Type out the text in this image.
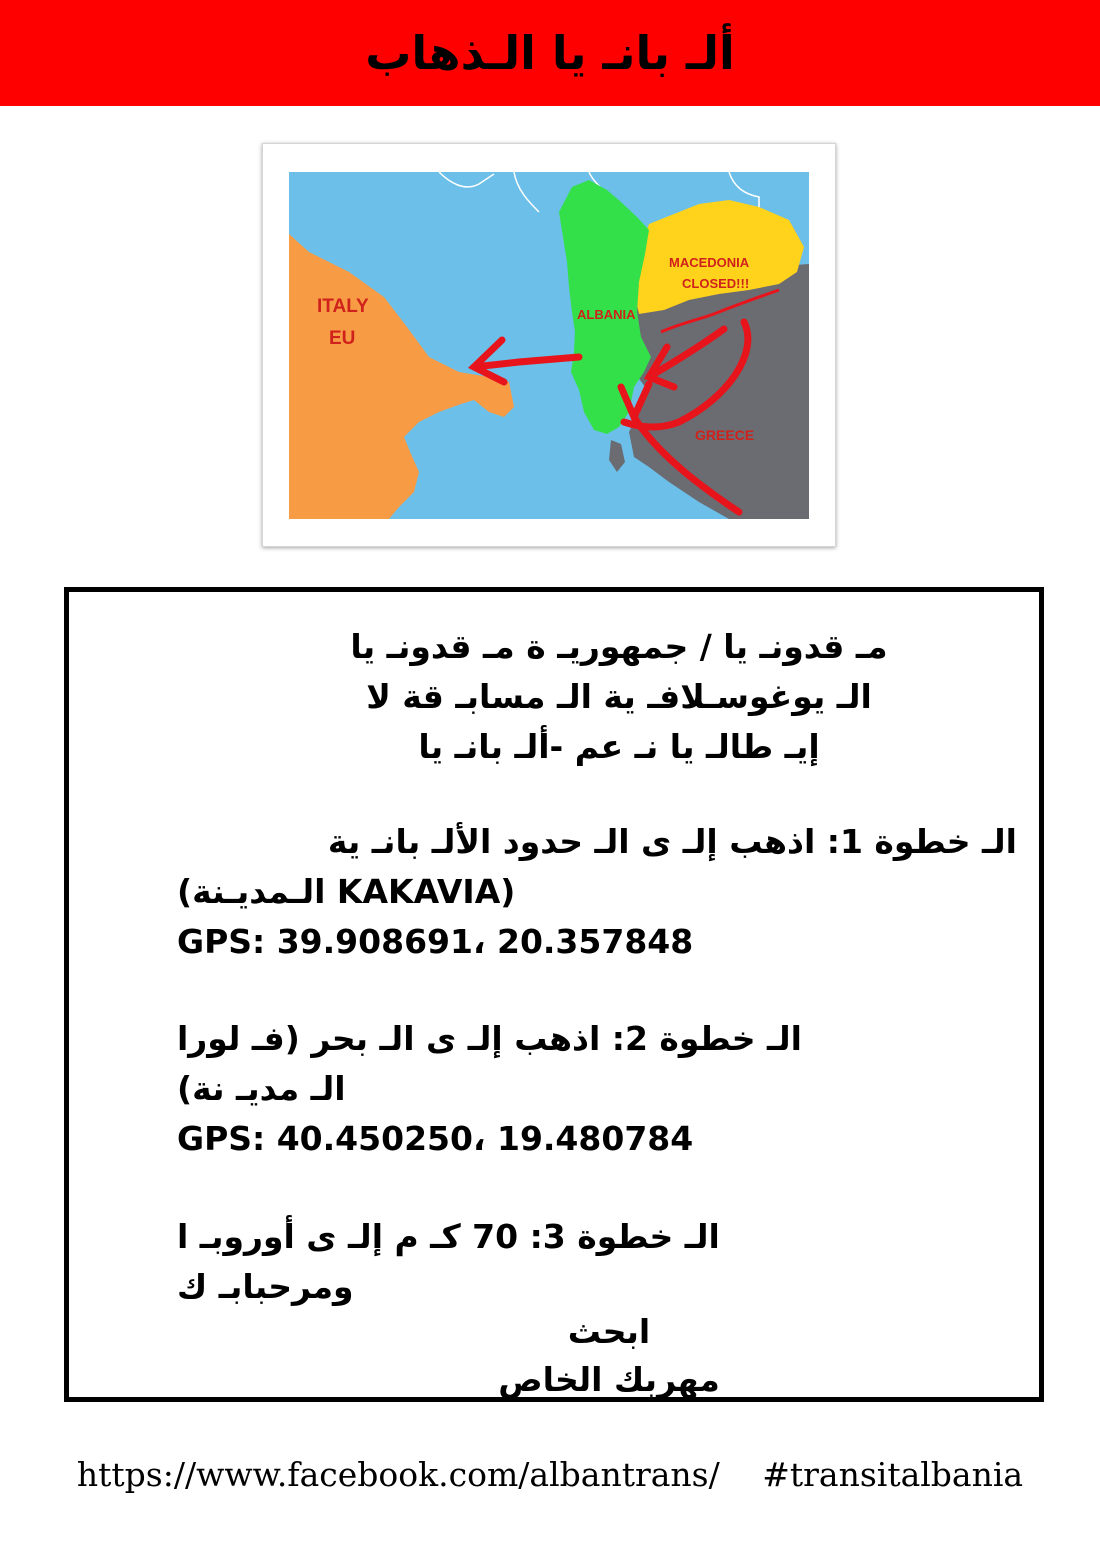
ألـ بانـ يا الـذهاب
ITALY
EU
ALBANIA
MACEDONIA
CLOSED!!!
GREECE
مـ قدونـ يا / جمهوريـ ة مـ قدونـ يا
الـ يوغوسـلافـ ية الـ مسابـ قة لا
إيـ طالـ يا نـ عم -ألـ بانـ يا
الـ خطوة 1: اذهب إلـ ى الـ حدود الألـ بانـ ية
(KAKAVIA الـمديـنة)
GPS: 39.908691، 20.357848
الـ خطوة 2: اذهب إلـ ى الـ بحر (فـ لورا
الـ مديـ نة)
GPS: 40.450250، 19.480784
الـ خطوة 3: 70 كـ م إلـ ى أوروبـ ا
ومرحبابـ ك
ابحث
مهربك الخاص
https://www.facebook.com/albantrans/ #transitalbania
